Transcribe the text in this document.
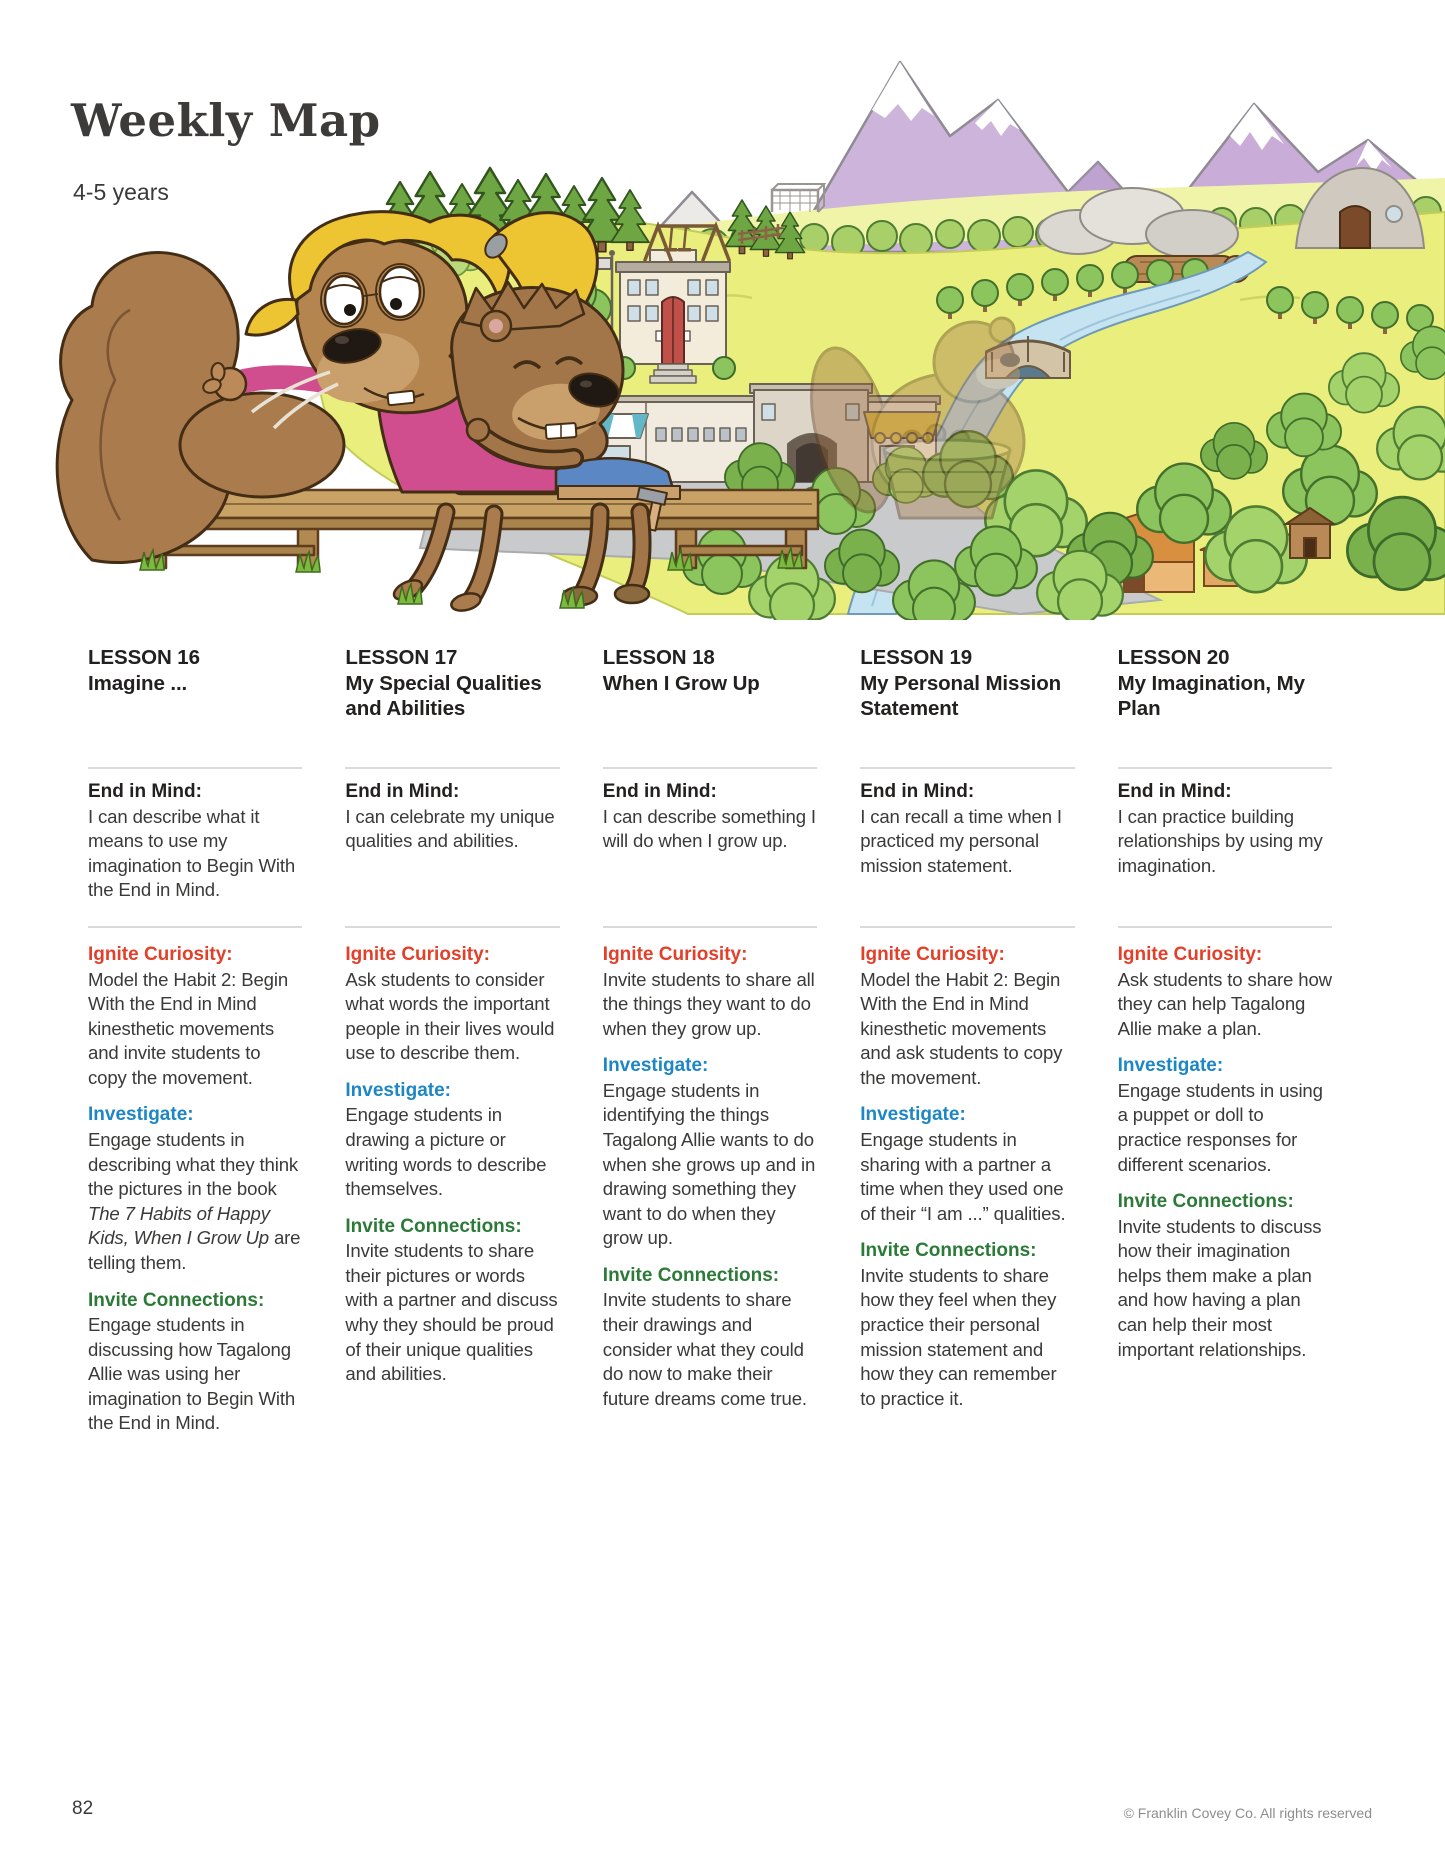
Weekly Map
4-5 years
LESSON 16
Imagine ...
End in Mind:

I can describe what it means to use my imagination to Begin With the End in Mind.

Ignite Curiosity:

Model the Habit 2: Begin With the End in Mind kinesthetic movements and invite students to copy the movement.

Investigate:

Engage students in describing what they think the pictures in the book The 7 Habits of Happy Kids, When I Grow Up are telling them.

Invite Connections:

Engage students in discussing how Tagalong Allie was using her imagination to Begin With the End in Mind.

LESSON 17
My Special Qualities and Abilities
End in Mind:

I can celebrate my unique qualities and abilities.

Ignite Curiosity:

Ask students to consider what words the important people in their lives would use to describe them.

Investigate:

Engage students in drawing a picture or writing words to describe themselves.

Invite Connections:

Invite students to share their pictures or words with a partner and discuss why they should be proud of their unique qualities and abilities.

LESSON 18
When I Grow Up
End in Mind:

I can describe something I will do when I grow up.

Ignite Curiosity:

Invite students to share all the things they want to do when they grow up.

Investigate:

Engage students in identifying the things Tagalong Allie wants to do when she grows up and in drawing something they want to do when they grow up.

Invite Connections:

Invite students to share their drawings and consider what they could do now to make their future dreams come true.

LESSON 19
My Personal Mission Statement
End in Mind:

I can recall a time when I practiced my personal mission statement.

Ignite Curiosity:

Model the Habit 2: Begin With the End in Mind kinesthetic movements and ask students to copy the movement.

Investigate:

Engage students in sharing with a partner a time when they used one of their “I am ...” qualities.

Invite Connections:

Invite students to share how they feel when they practice their personal mission statement and how they can remember to practice it.

LESSON 20
My Imagination, My Plan
End in Mind:

I can practice building relationships by using my imagination.

Ignite Curiosity:

Ask students to share how they can help Tagalong Allie make a plan.

Investigate:

Engage students in using a puppet or doll to practice responses for different scenarios.

Invite Connections:

Invite students to discuss how their imagination helps them make a plan and how having a plan can help their most important relationships.

82	© Franklin Covey Co. All rights reserved
